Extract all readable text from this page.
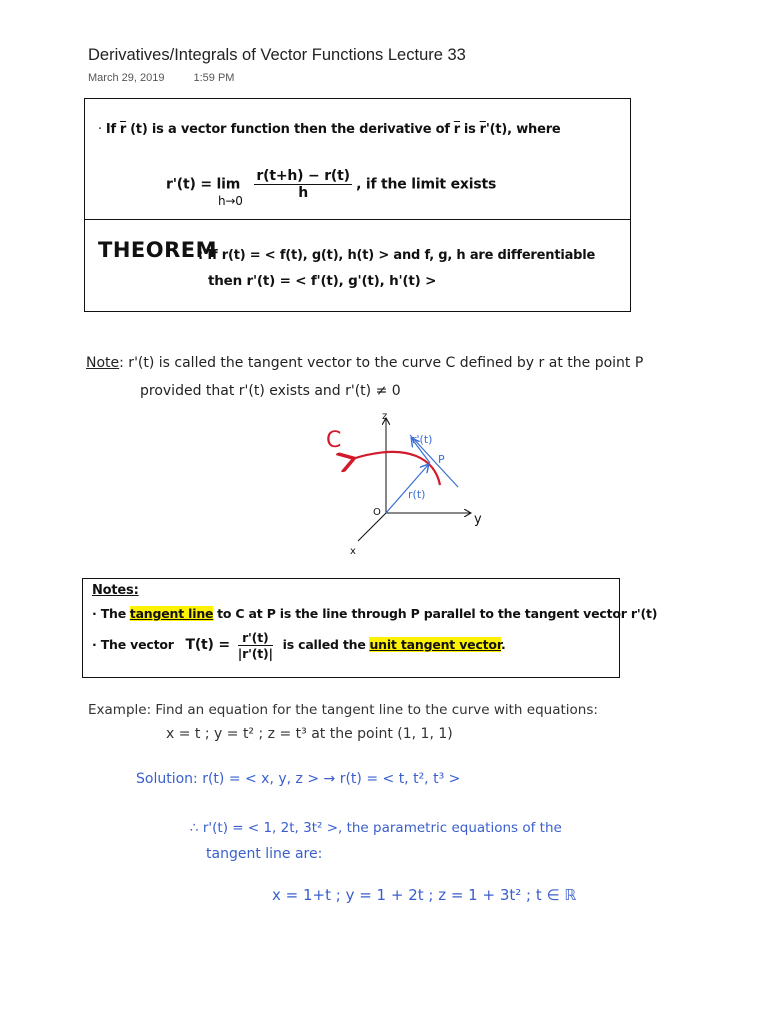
Derivatives/Integrals of Vector Functions Lecture 33
March 29, 2019	1:59 PM
· If $\overline{r}$ (t) is a vector function then the derivative of $\overline{r}$ is $\overline{r}'(t)$, where
$r'(t) = \lim \frac{r(t+h) - r(t)}{h}$ , if the limit exists
h→0
THEOREM
: If r(t) = < f(t), g(t), h(t) > and f, g, h are differentiable
then r'(t) = < f'(t), g'(t), h'(t) >
Note: r'(t) is called the tangent vector to the curve C defined by r at the point P
provided that r'(t) exists and r'(t) ≠ 0
C
z
y
x
O
P
r'(t)
r(t)
Notes:
· The tangent line to C at P is the line through P parallel to the tangent vector r'(t)
· The vector $T(t) = \frac{r'(t)}{|r'(t)|}$ is called the unit tangent vector.
Example: Find an equation for the tangent line to the curve with equations:
x = t ; y = t² ; z = t³ at the point (1, 1, 1)
Solution: r(t) = < x, y, z > → r(t) = < t, t², t³ >
∴ r'(t) = < 1, 2t, 3t² >, the parametric equations of the
tangent line are:
x = 1+t ; y = 1 + 2t ; z = 1 + 3t² ; t ∈ ℝ
